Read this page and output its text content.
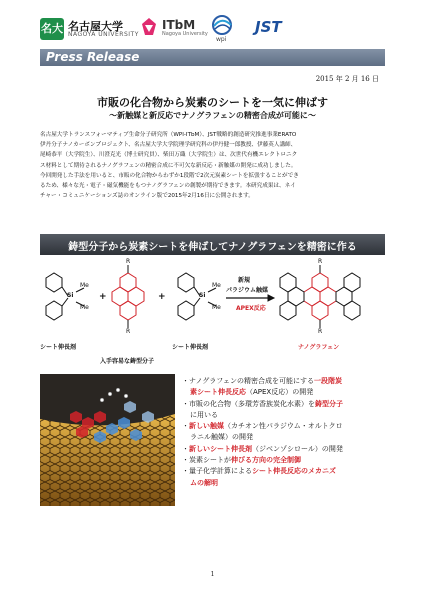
名大 名古屋大学
NAGOYA UNIVERSITY
ITbM
Nagoya University
wpi
JST
Press Release
2015 年 2 月 16 日
市販の化合物から炭素のシートを一気に伸ばす
〜新触媒と新反応でナノグラフェンの精密合成が可能に〜
名古屋大学トランスフォーマティブ生命分子研究所（WPI-ITbM）、JST戦略的創造研究推進事業ERATO
伊丹分子ナノカーボンプロジェクト、名古屋大学大学院理学研究科の伊丹健一郎教授、伊藤英人講師、
尾崎恭平（大学院生）、川澄克光（博士研究員）、柴田万織（大学院生）は、次世代有機エレクトロニク
ス材料として期待されるナノグラフェンの精密合成に不可欠な新反応・新触媒の開発に成功しました。
今回開発した手法を用いると、市販の化合物からわずか1段階で2次元炭素シートを拡張することができ
るため、様々な光・電子・磁気機能をもつナノグラフェンの創製が期待できます。本研究成果は、ネイ
チャー・コミュニケーションズ誌のオンライン版で2015年2月16日に公開されます。
鋳型分子から炭素シートを伸ばしてナノグラフェンを精密に作る
Si
Me
Me
+
R
R
+	Si
Me
Me
新規
パラジウム触媒
APEX反応
R
R
シート伸長剤
入手容易な鋳型分子
シート伸長剤	ナノグラフェン
・ナノグラフェンの精密合成を可能にする一段階炭
素シート伸長反応（APEX反応）の開発
・市販の化合物（多環芳香族炭化水素）を鋳型分子
に用いる
・新しい触媒（カチオン性パラジウム・オルトクロ
ラニル触媒）の開発
・新しいシート伸長剤（ジベンゾシロール）の開発
・炭素シートが伸びる方向の完全制御
・量子化学計算によるシート伸長反応のメカニズ
ムの解明
1
